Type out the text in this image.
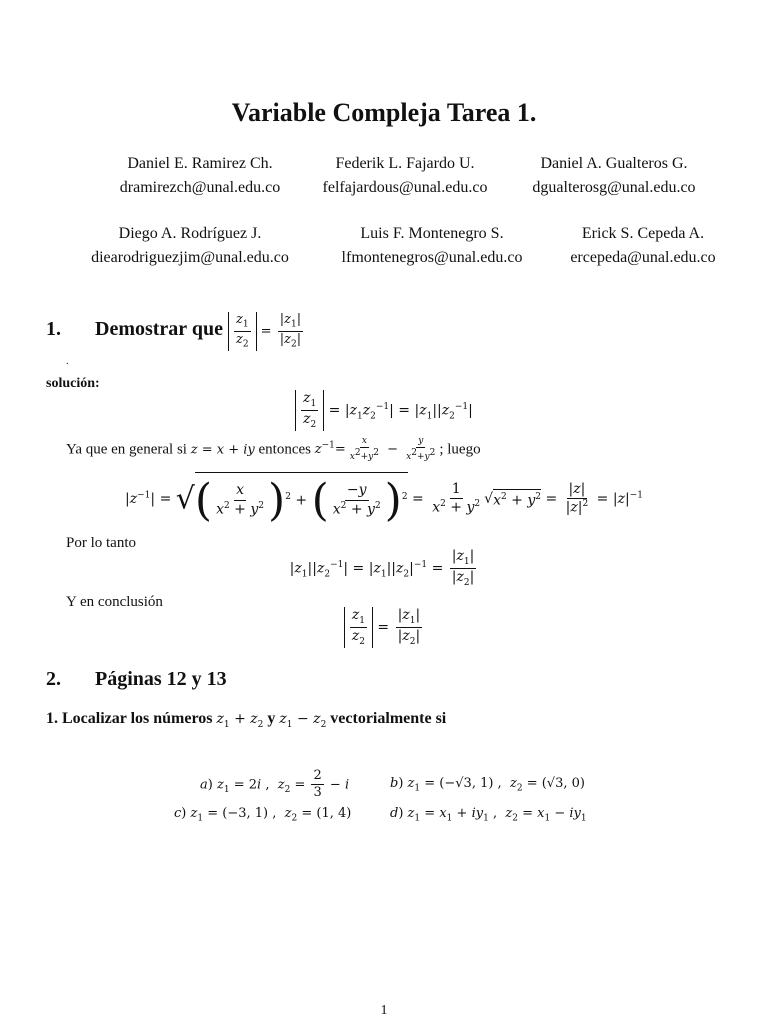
Variable Compleja Tarea 1.
Daniel E. Ramirez Ch.
dramirezch@unal.edu.co
Federik L. Fajardo U.
felfajardous@unal.edu.co
Daniel A. Gualteros G.
dgualterosg@unal.edu.co
Diego A. Rodríguez J.
diearodriguezjim@unal.edu.co
Luis F. Montenegro S.
lfmontenegros@unal.edu.co
Erick S. Cepeda A.
ercepeda@unal.edu.co
1. Demostrar que $\frac{z_1}{z_2} = \frac{|z_1|}{|z_2|}$
.
solución:
$\frac{z_1}{z_2} = |z_1z_2^{-1}| = |z_1||z_2^{-1}|$
Ya que en general si z = x + iy entonces $z^{-1}= \frac{x}{x^2+y^2} - \frac{y}{x^2+y^2}$ ; luego
$|z^{-1}|$ = √( $\frac{x}{x^2 + y^2} )^2$ + ( $\frac{-y}{x^2 + y^2} )^2 = \frac{1}{x^2 + y^2} √x^2 + y^2 = \frac{|z|}{|z|^2} = |z|^{-1}$
Por lo tanto
$|z_1||z_2^{-1}| = |z_1||z_2|^{-1} = \frac{|z_1|}{|z_2|}$
Y en conclusión
$\frac{z_1}{z_2} = \frac{|z_1|}{|z_2|}$
2. Páginas 12 y 13
1. Localizar los números $z_1 + z_2$ y $z_1 - z_2$ vectorialmente si
a) $z_1 = 2i$ ,  $z_2 = \frac{2}{3} - i$	b) $z_1 = (-√3$, 1) ,  $z_2 = (√3$, 0)
c) $z_1 = (-3$, 1) ,  $z_2 = (1$, 4)	d) $z_1 = x_1 + iy_1$ ,  $z_2 = x_1 - iy_1$
1
